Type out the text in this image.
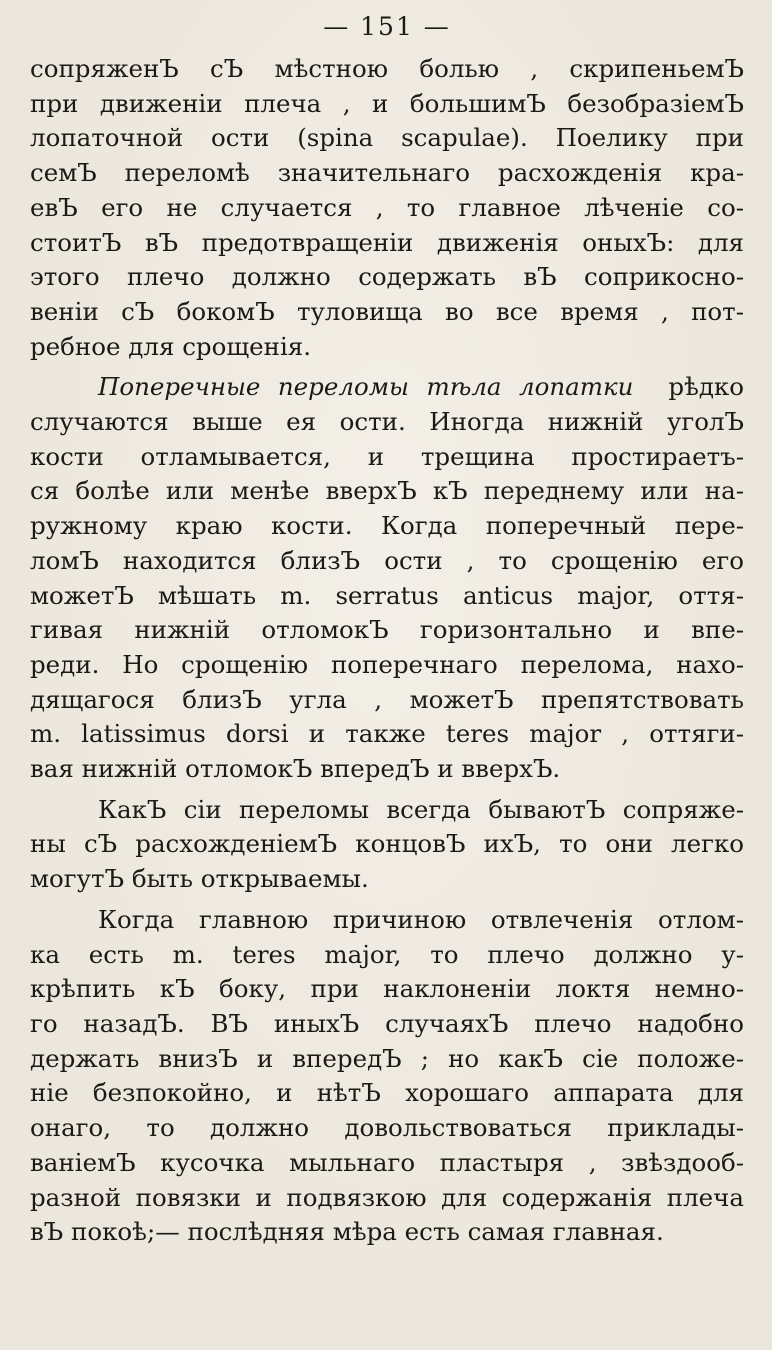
— 151 —

сопряженЪ сЪ мѣстною болью , скрипеньемЪ
при движенiи плеча , и большимЪ безобразiемЪ
лопаточной ости (spina scapulae). Поелику при
семЪ переломѣ значительнаго расхожденія кра-
евЪ его не случается , то главное лѣченіе со-
стоитЪ вЪ предотвращенiи движенія оныхЪ: для
этого плечо должно содержать вЪ соприкосно-
венiи сЪ бокомЪ туловища во все время , пот-
ребное для срощенія.

Поперечные переломы тѣла лопатки рѣдко
случаются выше ея ости. Иногда нижній уголЪ
кости отламывается, и трещина простираетъ-
ся болѣе или менѣе вверхЪ кЪ переднему или на-
ружному краю кости. Когда поперечный пере-
ломЪ находится близЪ ости , то срощенію его
можетЪ мѣшать m. serratus anticus major, оття-
гивая нижній отломокЪ горизонтально и впе-
реди. Но срощенію поперечнаго перелома, нахо-
дящагося близЪ угла , можетЪ препятствовать
m. latissimus dorsi и также teres major , оттяги-
вая нижній отломокЪ впередЪ и вверхЪ.

КакЪ сіи переломы всегда бываютЪ сопряже-
ны сЪ расхожденіемЪ концовЪ ихЪ, то они легко
могутЪ быть открываемы.

Когда главною причиною отвлеченія отлом-
ка есть m. teres major, то плечо должно у-
крѣпить кЪ боку, при наклоненіи локтя немно-
го назадЪ. ВЪ иныхЪ случаяхЪ плечо надобно
держать внизЪ и впередЪ ; но какЪ сіе положе-
ніе безпокойно, и нѣтЪ хорошаго аппарата для
онаго, то должно довольствоваться приклады-
ваніемЪ кусочка мыльнаго пластыря , звѣздооб-
разной повязки и подвязкою для содержанія плеча
вЪ покоѣ;— послѣдняя мѣра есть самая главная.
